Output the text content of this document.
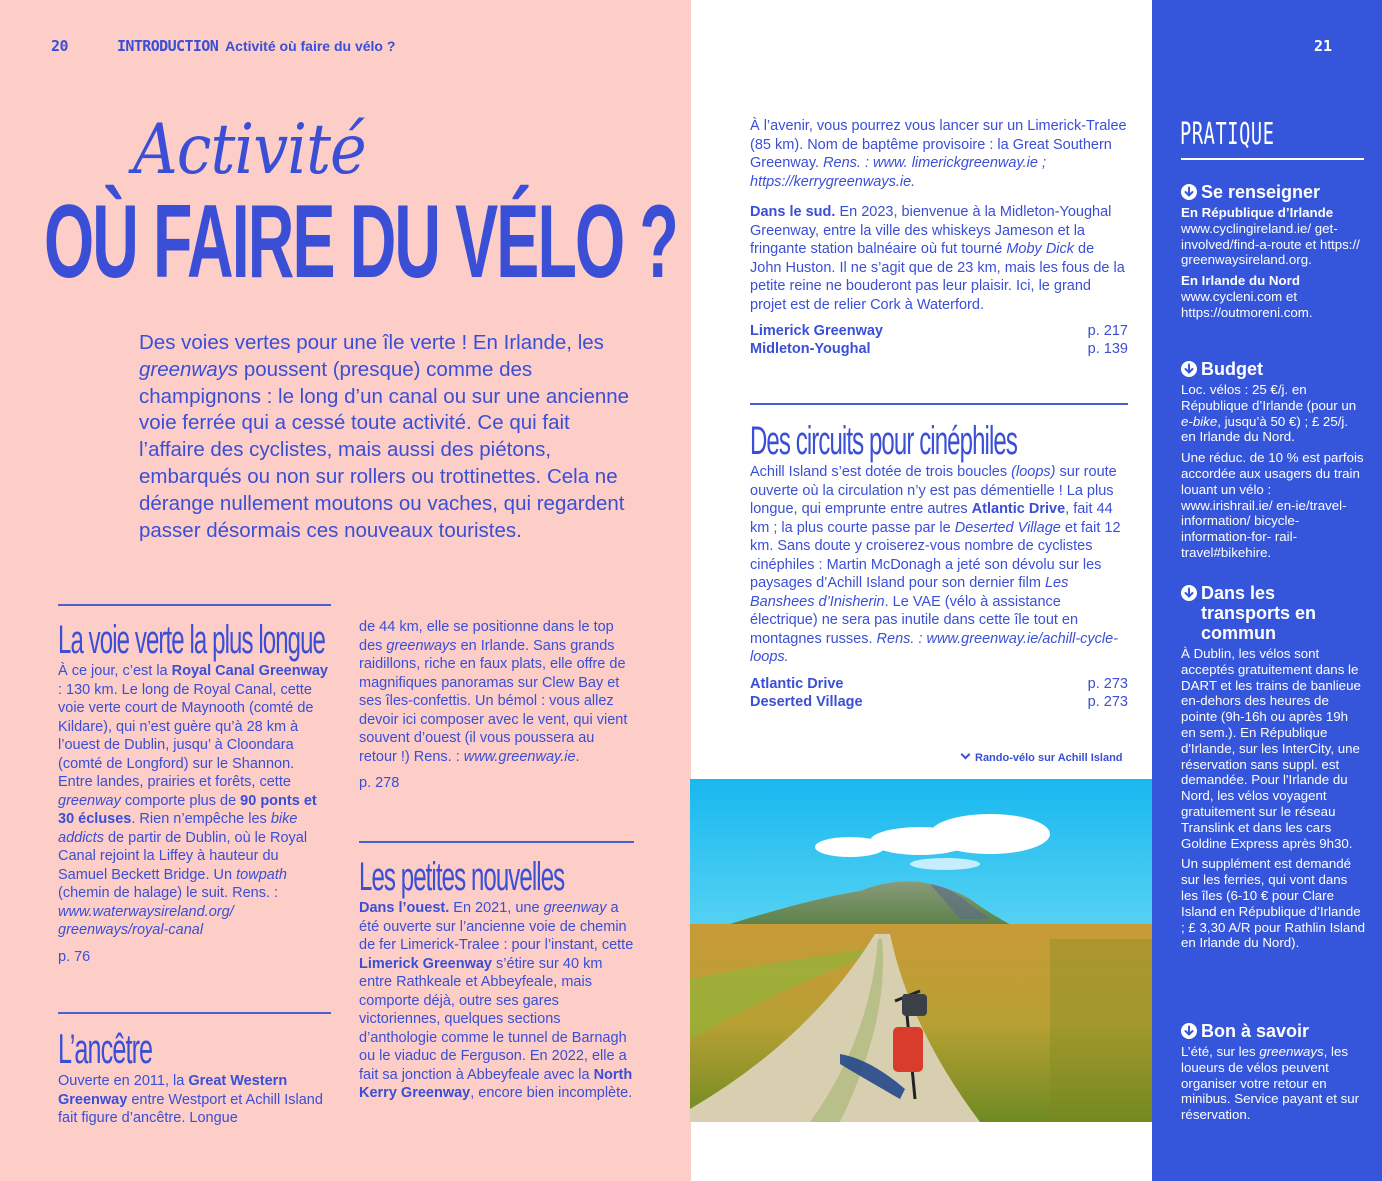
20	INTRODUCTION Activité où faire du vélo ?
Activité
OÙ FAIRE DU VÉLO ?
Des voies vertes pour une île verte ! En Irlande, les greenways poussent (presque) comme des champignons : le long d’un canal ou sur une ancienne voie ferrée qui a cessé toute activité. Ce qui fait l’affaire des cyclistes, mais aussi des piétons, embarqués ou non sur rollers ou trottinettes. Cela ne dérange nullement moutons ou vaches, qui regardent passer désormais ces nouveaux touristes.
La voie verte la plus longue
À ce jour, c’est la Royal Canal Greenway : 130 km. Le long de Royal Canal, cette voie verte court de Maynooth (comté de Kildare), qui n’est guère qu’à 28 km à l’ouest de Dublin, jusqu’ à Cloondara (comté de Longford) sur le Shannon. Entre landes, prairies et forêts, cette greenway comporte plus de 90 ponts et 30 écluses. Rien n’empêche les bike addicts de partir de Dublin, où le Royal Canal rejoint la Liffey à hauteur du Samuel Beckett Bridge. Un towpath (chemin de halage) le suit. Rens. : www.waterwaysireland.org/ greenways/royal-canal
p. 76
L’ancêtre
Ouverte en 2011, la Great Western Greenway entre Westport et Achill Island fait figure d’ancêtre. Longue
de 44 km, elle se positionne dans le top des greenways en Irlande. Sans grands raidillons, riche en faux plats, elle offre de magnifiques panoramas sur Clew Bay et ses îles-confettis. Un bémol : vous allez devoir ici composer avec le vent, qui vient souvent d’ouest (il vous poussera au retour !) Rens. : www.greenway.ie.
p. 278
Les petites nouvelles
Dans l’ouest. En 2021, une greenway a été ouverte sur l’ancienne voie de chemin de fer Limerick-Tralee : pour l’instant, cette Limerick Greenway s’étire sur 40 km entre Rathkeale et Abbeyfeale, mais comporte déjà, outre ses gares victoriennes, quelques sections d’anthologie comme le tunnel de Barnagh ou le viaduc de Ferguson. En 2022, elle a fait sa jonction à Abbeyfeale avec la North Kerry Greenway, encore bien incomplète.
À l’avenir, vous pourrez vous lancer sur un Limerick-Tralee (85 km). Nom de baptême provisoire : la Great Southern Greenway. Rens. : www. limerickgreenway.ie ; https://kerrygreenways.ie.
Dans le sud. En 2023, bienvenue à la Midleton-Youghal Greenway, entre la ville des whiskeys Jameson et la fringante station balnéaire où fut tourné Moby Dick de John Huston. Il ne s’agit que de 23 km, mais les fous de la petite reine ne bouderont pas leur plaisir. Ici, le grand projet est de relier Cork à Waterford.
Limerick Greenway	p. 217
Midleton-Youghal	p. 139
Des circuits pour cinéphiles
Achill Island s’est dotée de trois boucles (loops) sur route ouverte où la circulation n’y est pas démentielle ! La plus longue, qui emprunte entre autres Atlantic Drive, fait 44 km ; la plus courte passe par le Deserted Village et fait 12 km. Sans doute y croiserez-vous nombre de cyclistes cinéphiles : Martin McDonagh a jeté son dévolu sur les paysages d’Achill Island pour son dernier film Les Banshees d’Inisherin. Le VAE (vélo à assistance électrique) ne sera pas inutile dans cette île tout en montagnes russes. Rens. : www.greenway.ie/achill-cycle-loops.
Atlantic Drive	p. 273
Deserted Village	p. 273
Rando-vélo sur Achill Island
21
PRATIQUE
Se renseigner

En République d’Irlande
www.cyclingireland.ie/ get-involved/find-a-route et https:// greenwaysireland.org.

En Irlande du Nord
www.cycleni.com et https://outmoreni.com.

Budget

Loc. vélos : 25 €/j. en République d’Irlande (pour un e-bike, jusqu’à 50 €) ; £ 25/j. en Irlande du Nord.

Une réduc. de 10 % est parfois accordée aux usagers du train louant un vélo : www.irishrail.ie/ en-ie/travel-information/ bicycle-information-for- rail-travel#bikehire.

Dans les transports en commun

À Dublin, les vélos sont acceptés gratuitement dans le DART et les trains de banlieue en-dehors des heures de pointe (9h-16h ou après 19h en sem.). En République d'Irlande, sur les InterCity, une réservation sans suppl. est demandée. Pour l'Irlande du Nord, les vélos voyagent gratuitement sur le réseau Translink et dans les cars Goldine Express après 9h30.

Un supplément est demandé sur les ferries, qui vont dans les îles (6-10 € pour Clare Island en République d’Irlande ; £ 3,30 A/R pour Rathlin Island en Irlande du Nord).

Bon à savoir

L’été, sur les greenways, les loueurs de vélos peuvent organiser votre retour en minibus. Service payant et sur réservation.
